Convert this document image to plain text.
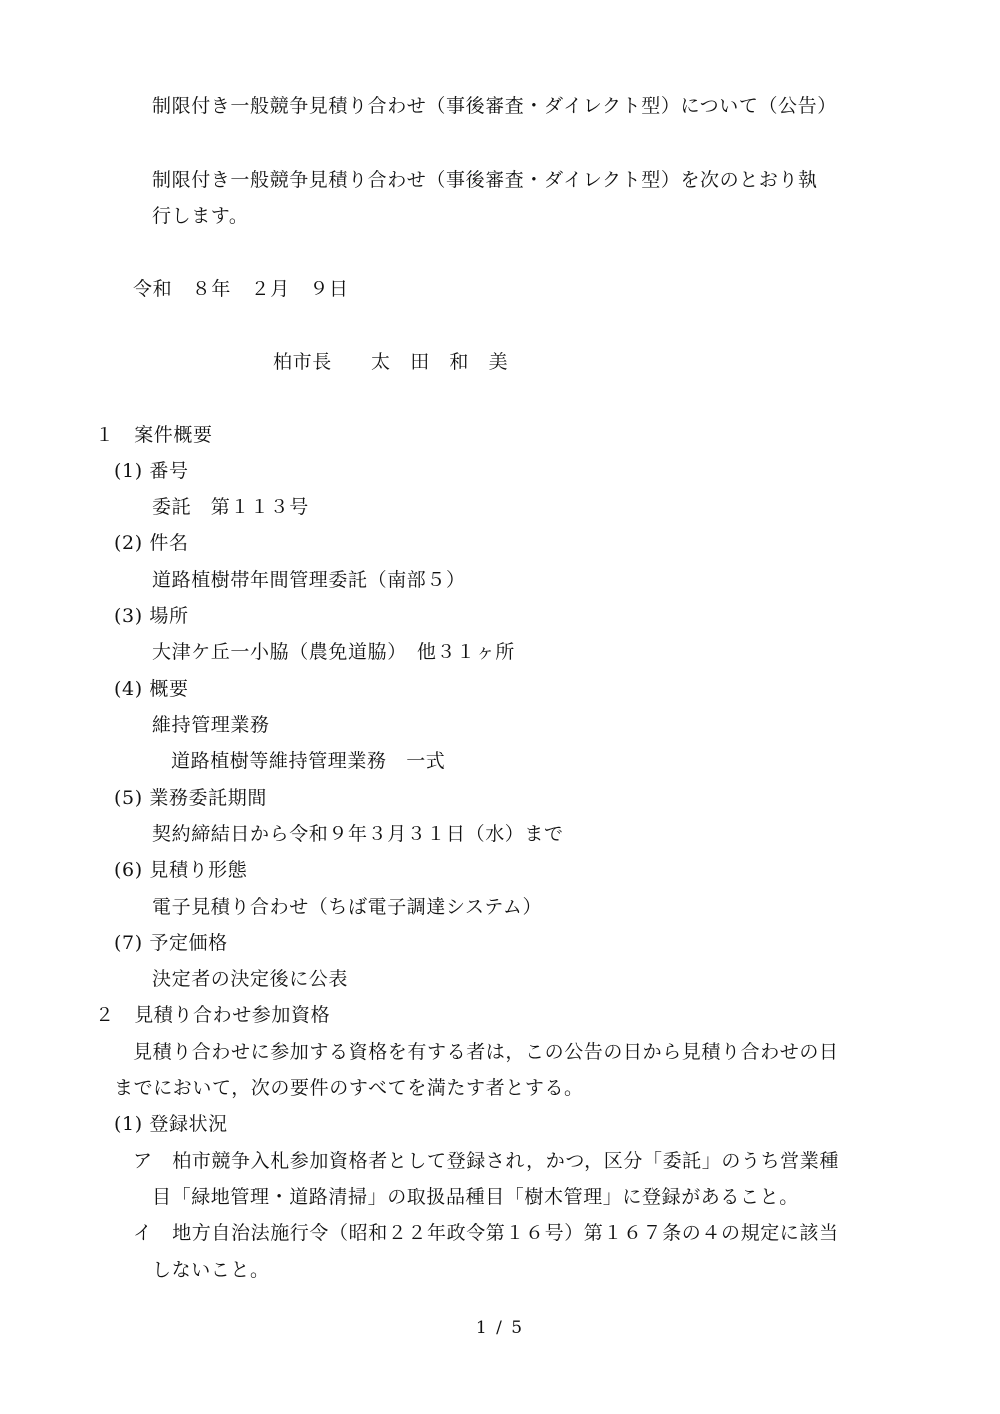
制限付き一般競争見積り合わせ（事後審査・ダイレクト型）について（公告）
制限付き一般競争見積り合わせ（事後審査・ダイレクト型）を次のとおり執
行します。
令和　８年　２月　９日
柏市長　　太　田　和　美
１　案件概要
(1) 番号
委託　第１１３号
(2) 件名
道路植樹帯年間管理委託（南部５）
(3) 場所
大津ケ丘一小脇（農免道脇）　他３１ヶ所
(4) 概要
維持管理業務
道路植樹等維持管理業務　一式
(5) 業務委託期間
契約締結日から令和９年３月３１日（水）まで
(6) 見積り形態
電子見積り合わせ（ちば電子調達システム）
(7) 予定価格
決定者の決定後に公表
２　見積り合わせ参加資格
見積り合わせに参加する資格を有する者は，この公告の日から見積り合わせの日
までにおいて，次の要件のすべてを満たす者とする。
(1) 登録状況
ア　柏市競争入札参加資格者として登録され，かつ，区分「委託」のうち営業種
目「緑地管理・道路清掃」の取扱品種目「樹木管理」に登録があること。
イ　地方自治法施行令（昭和２２年政令第１６号）第１６７条の４の規定に該当
しないこと。
1 / 5
